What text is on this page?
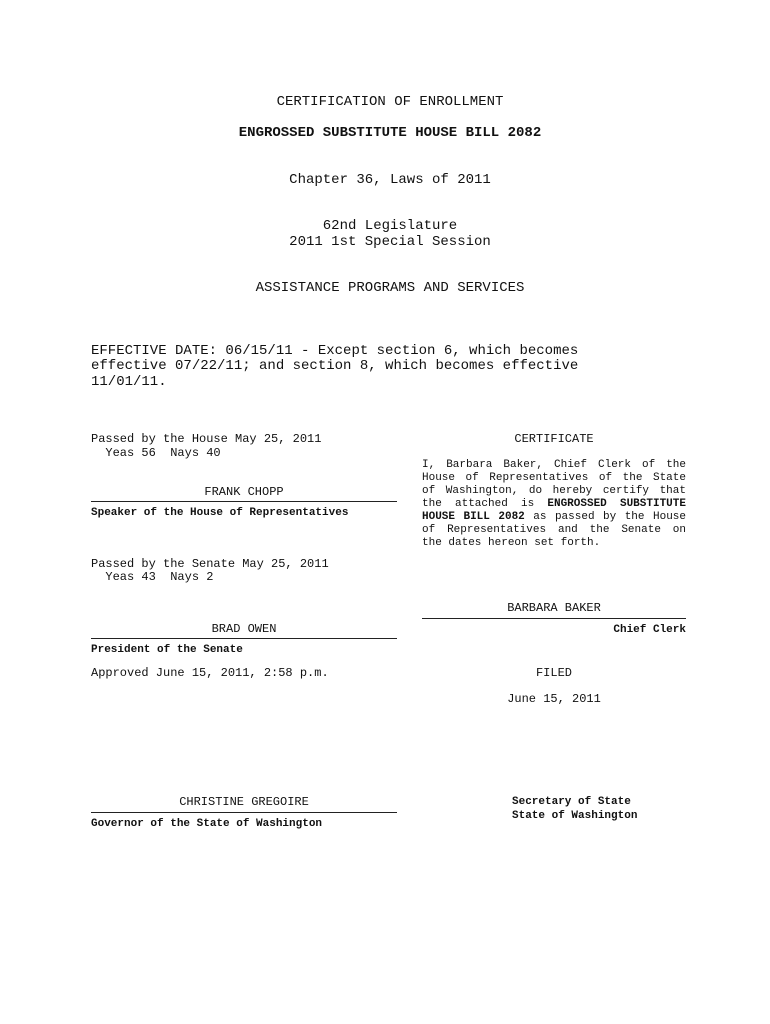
CERTIFICATION OF ENROLLMENT
ENGROSSED SUBSTITUTE HOUSE BILL 2082
Chapter 36, Laws of 2011
62nd Legislature
2011 1st Special Session
ASSISTANCE PROGRAMS AND SERVICES
EFFECTIVE DATE: 06/15/11 - Except section 6, which becomes
effective 07/22/11; and section 8, which becomes effective
11/01/11.
Passed by the House May 25, 2011
Yeas 56  Nays 40
FRANK CHOPP
Speaker of the House of Representatives
Passed by the Senate May 25, 2011
Yeas 43  Nays 2
BRAD OWEN
President of the Senate
Approved June 15, 2011, 2:58 p.m.
CHRISTINE GREGOIRE
Governor of the State of Washington
CERTIFICATE
I, Barbara Baker, Chief Clerk of the House of Representatives of the State of Washington, do hereby certify that the attached is ENGROSSED SUBSTITUTE HOUSE BILL 2082 as passed by the House of Representatives and the Senate on the dates hereon set forth.
BARBARA BAKER
Chief Clerk
FILED
June 15, 2011
Secretary of State
State of Washington
